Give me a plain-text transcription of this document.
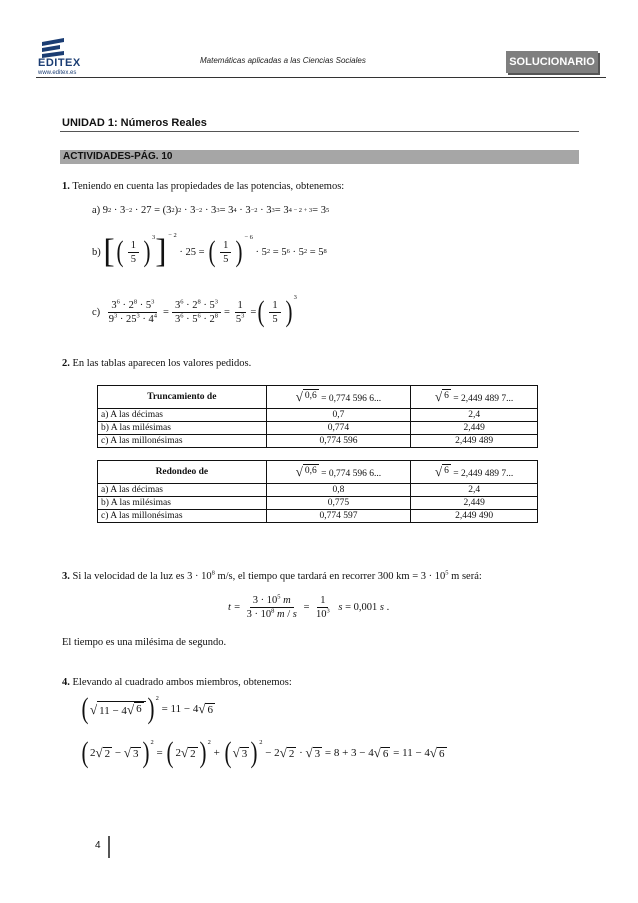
EDITEX
www.editex.es
Matemáticas aplicadas a las Ciencias Sociales	SOLUCIONARIO
UNIDAD 1: Números Reales
ACTIVIDADES-PÁG. 10
1. Teniendo en cuenta las propiedades de las potencias, obtenemos:
a) 9 2 · 3 −2 · 27 = (3 2 ) 2 · 3 −2 · 3 3 = 3 4 · 3 −2 · 3 3 = 3 4 − 2 + 3 = 3 5
b)
[ ( $\frac{1}{5} )^3$ ] $^{- 2}$
· 25 = ( $\frac{1}{5} )^{- 6}$
· 5 2 = 5 6 · 5 2 = 5 8
c)
$\frac{3^6 \cdot 2^8 \cdot 5^3}{9^3 \cdot 25^3 \cdot 4^4} = \frac{3^6 \cdot 2^8 \cdot 5^3}{3^6 \cdot 5^6 \cdot 2^8} = \frac{1}{5^3}$ = ( $\frac{1}{5} )^3$
2. En las tablas aparecen los valores pedidos.
Truncamiento de	√ 0,6 = 0,774 596 6...	√ 6 = 2,449 489 7...
a) A las décimas	0,7	2,4
b) A las milésimas	0,774	2,449
c) A las millonésimas	0,774 596	2,449 489
Redondeo de	√ 0,6 = 0,774 596 6...	√ 6 = 2,449 489 7...
a) A las décimas	0,8	2,4
b) A las milésimas	0,775	2,449
c) A las millonésimas	0,774 597	2,449 490
3. Si la velocidad de la luz es $3 \cdot 10^8$ m/s, el tiempo que tardará en recorrer 300 km = $3 \cdot 10^5$ m será:
$t = \frac{3 \cdot 10^5 m}{3 \cdot 10^8 m / s} = \frac{1}{10^3}$
s
= 0,001
s
.
El tiempo es una milésima de segundo.
4. Elevando al cuadrado ambos miembros, obtenemos:
( √ 11 − 4 √ 6 )$^2$
= 11 − 4 √ 6
( 2 √ 2 − √ 3 )$^2$
= ( 2 √ 2 )$^2$
+ ( √ 3 )$^2$
− 2 √ 2 · √ 3 = 8 + 3 − 4 √ 6 = 11 − 4 √ 6
4
